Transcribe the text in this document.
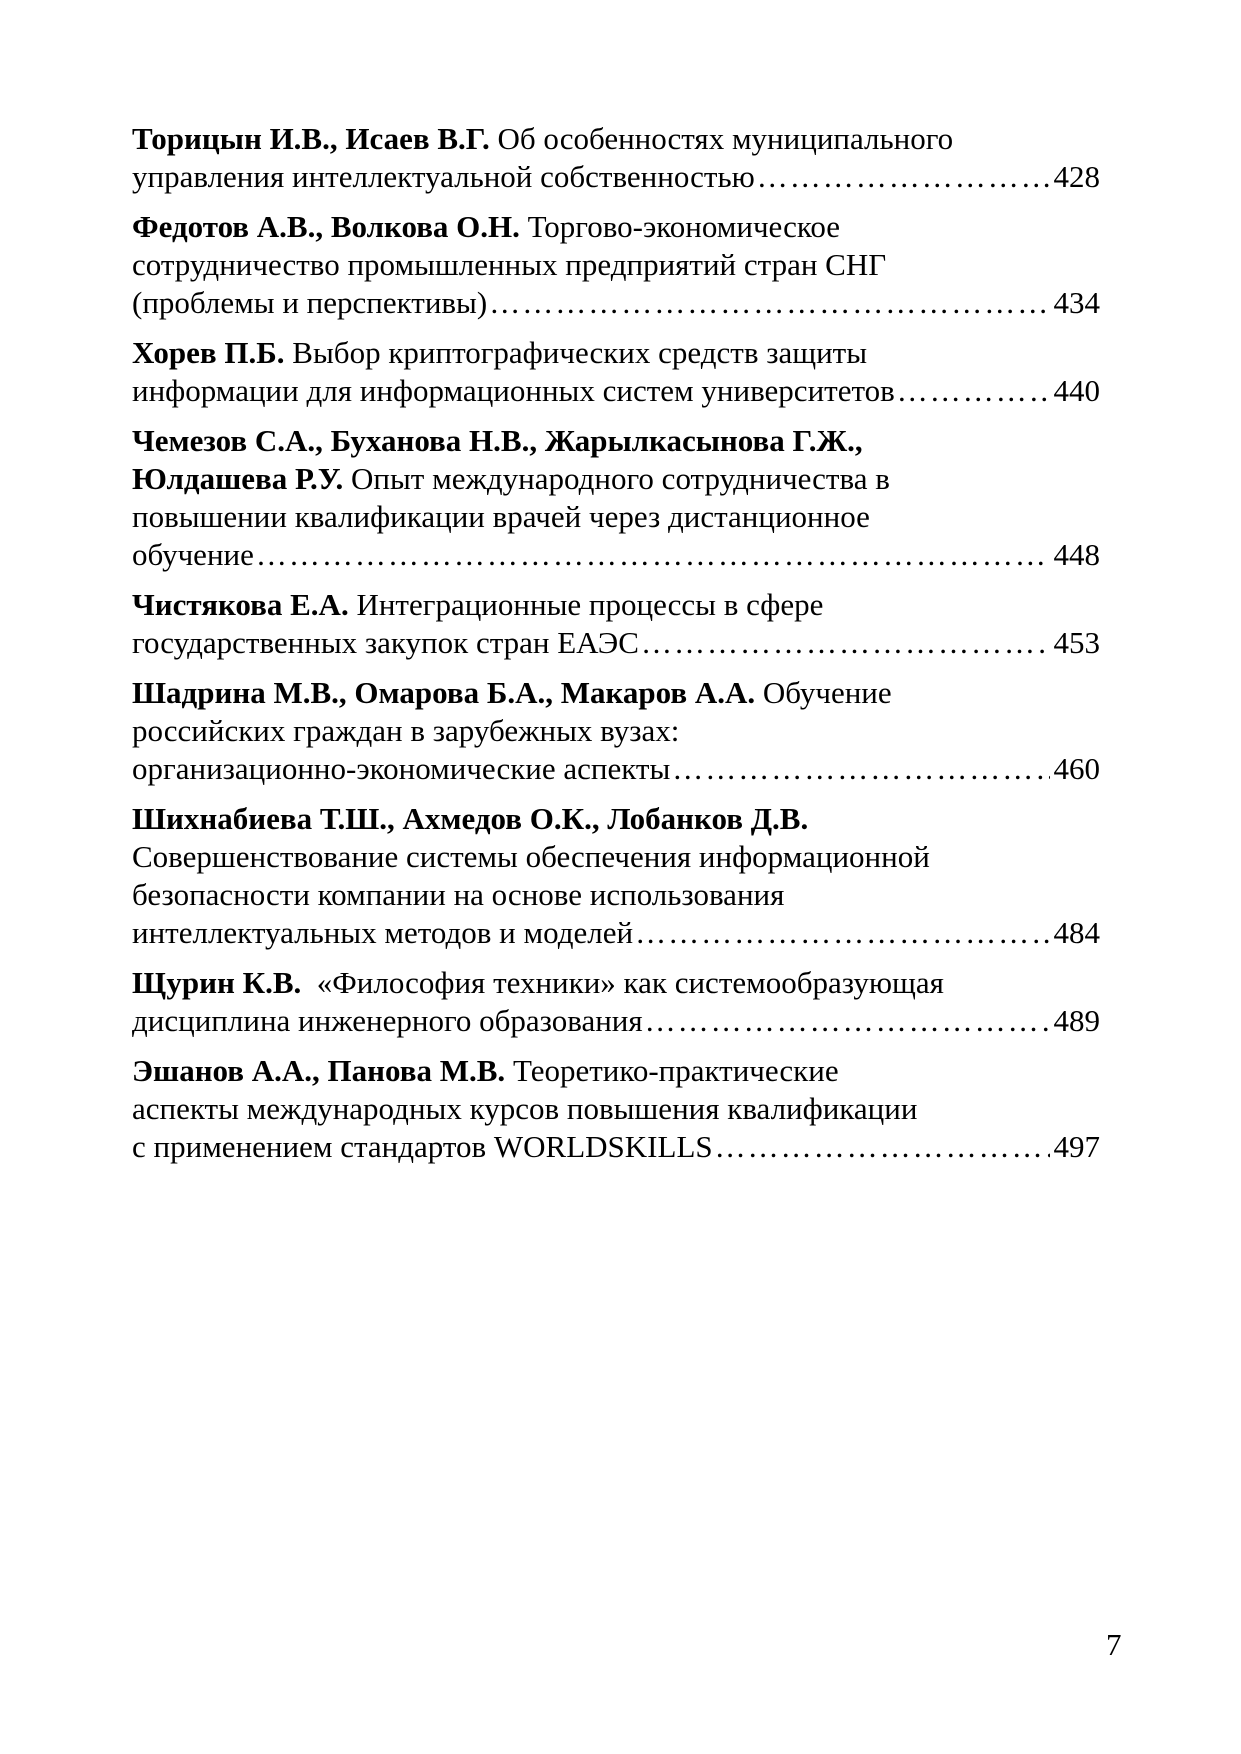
Торицын И.В., Исаев В.Г. Об особенностях муниципального
управления интеллектуальной собственностью ………………………………………………………………………………………………………………………………………………	428
Федотов А.В., Волкова О.Н. Торгово-экономическое
сотрудничество промышленных предприятий стран СНГ
(проблемы и перспективы) ………………………………………………………………………………………………………………………………………………	434
Хорев П.Б. Выбор криптографических средств защиты
информации для информационных систем университетов ………………………………………………………………………………………………………………………………………………	440
Чемезов С.А., Буханова Н.В., Жарылкасынова Г.Ж.,
Юлдашева Р.У. Опыт международного сотрудничества в
повышении квалификации врачей через дистанционное
обучение ………………………………………………………………………………………………………………………………………………	448
Чистякова Е.А. Интеграционные процессы в сфере
государственных закупок стран ЕАЭС ………………………………………………………………………………………………………………………………………………	453
Шадрина М.В., Омарова Б.А., Макаров А.А. Обучение
российских граждан в зарубежных вузах:
организационно-экономические аспекты ………………………………………………………………………………………………………………………………………………	460
Шихнабиева Т.Ш., Ахмедов О.К., Лобанков Д.В.
Совершенствование системы обеспечения информационной
безопасности компании на основе использования
интеллектуальных методов и моделей ………………………………………………………………………………………………………………………………………………	484
Щурин К.В. «Философия техники» как системообразующая
дисциплина инженерного образования ………………………………………………………………………………………………………………………………………………	489
Эшанов А.А., Панова М.В. Теоретико-практические
аспекты международных курсов повышения квалификации
с применением стандартов WORLDSKILLS ………………………………………………………………………………………………………………………………………………	497
7
